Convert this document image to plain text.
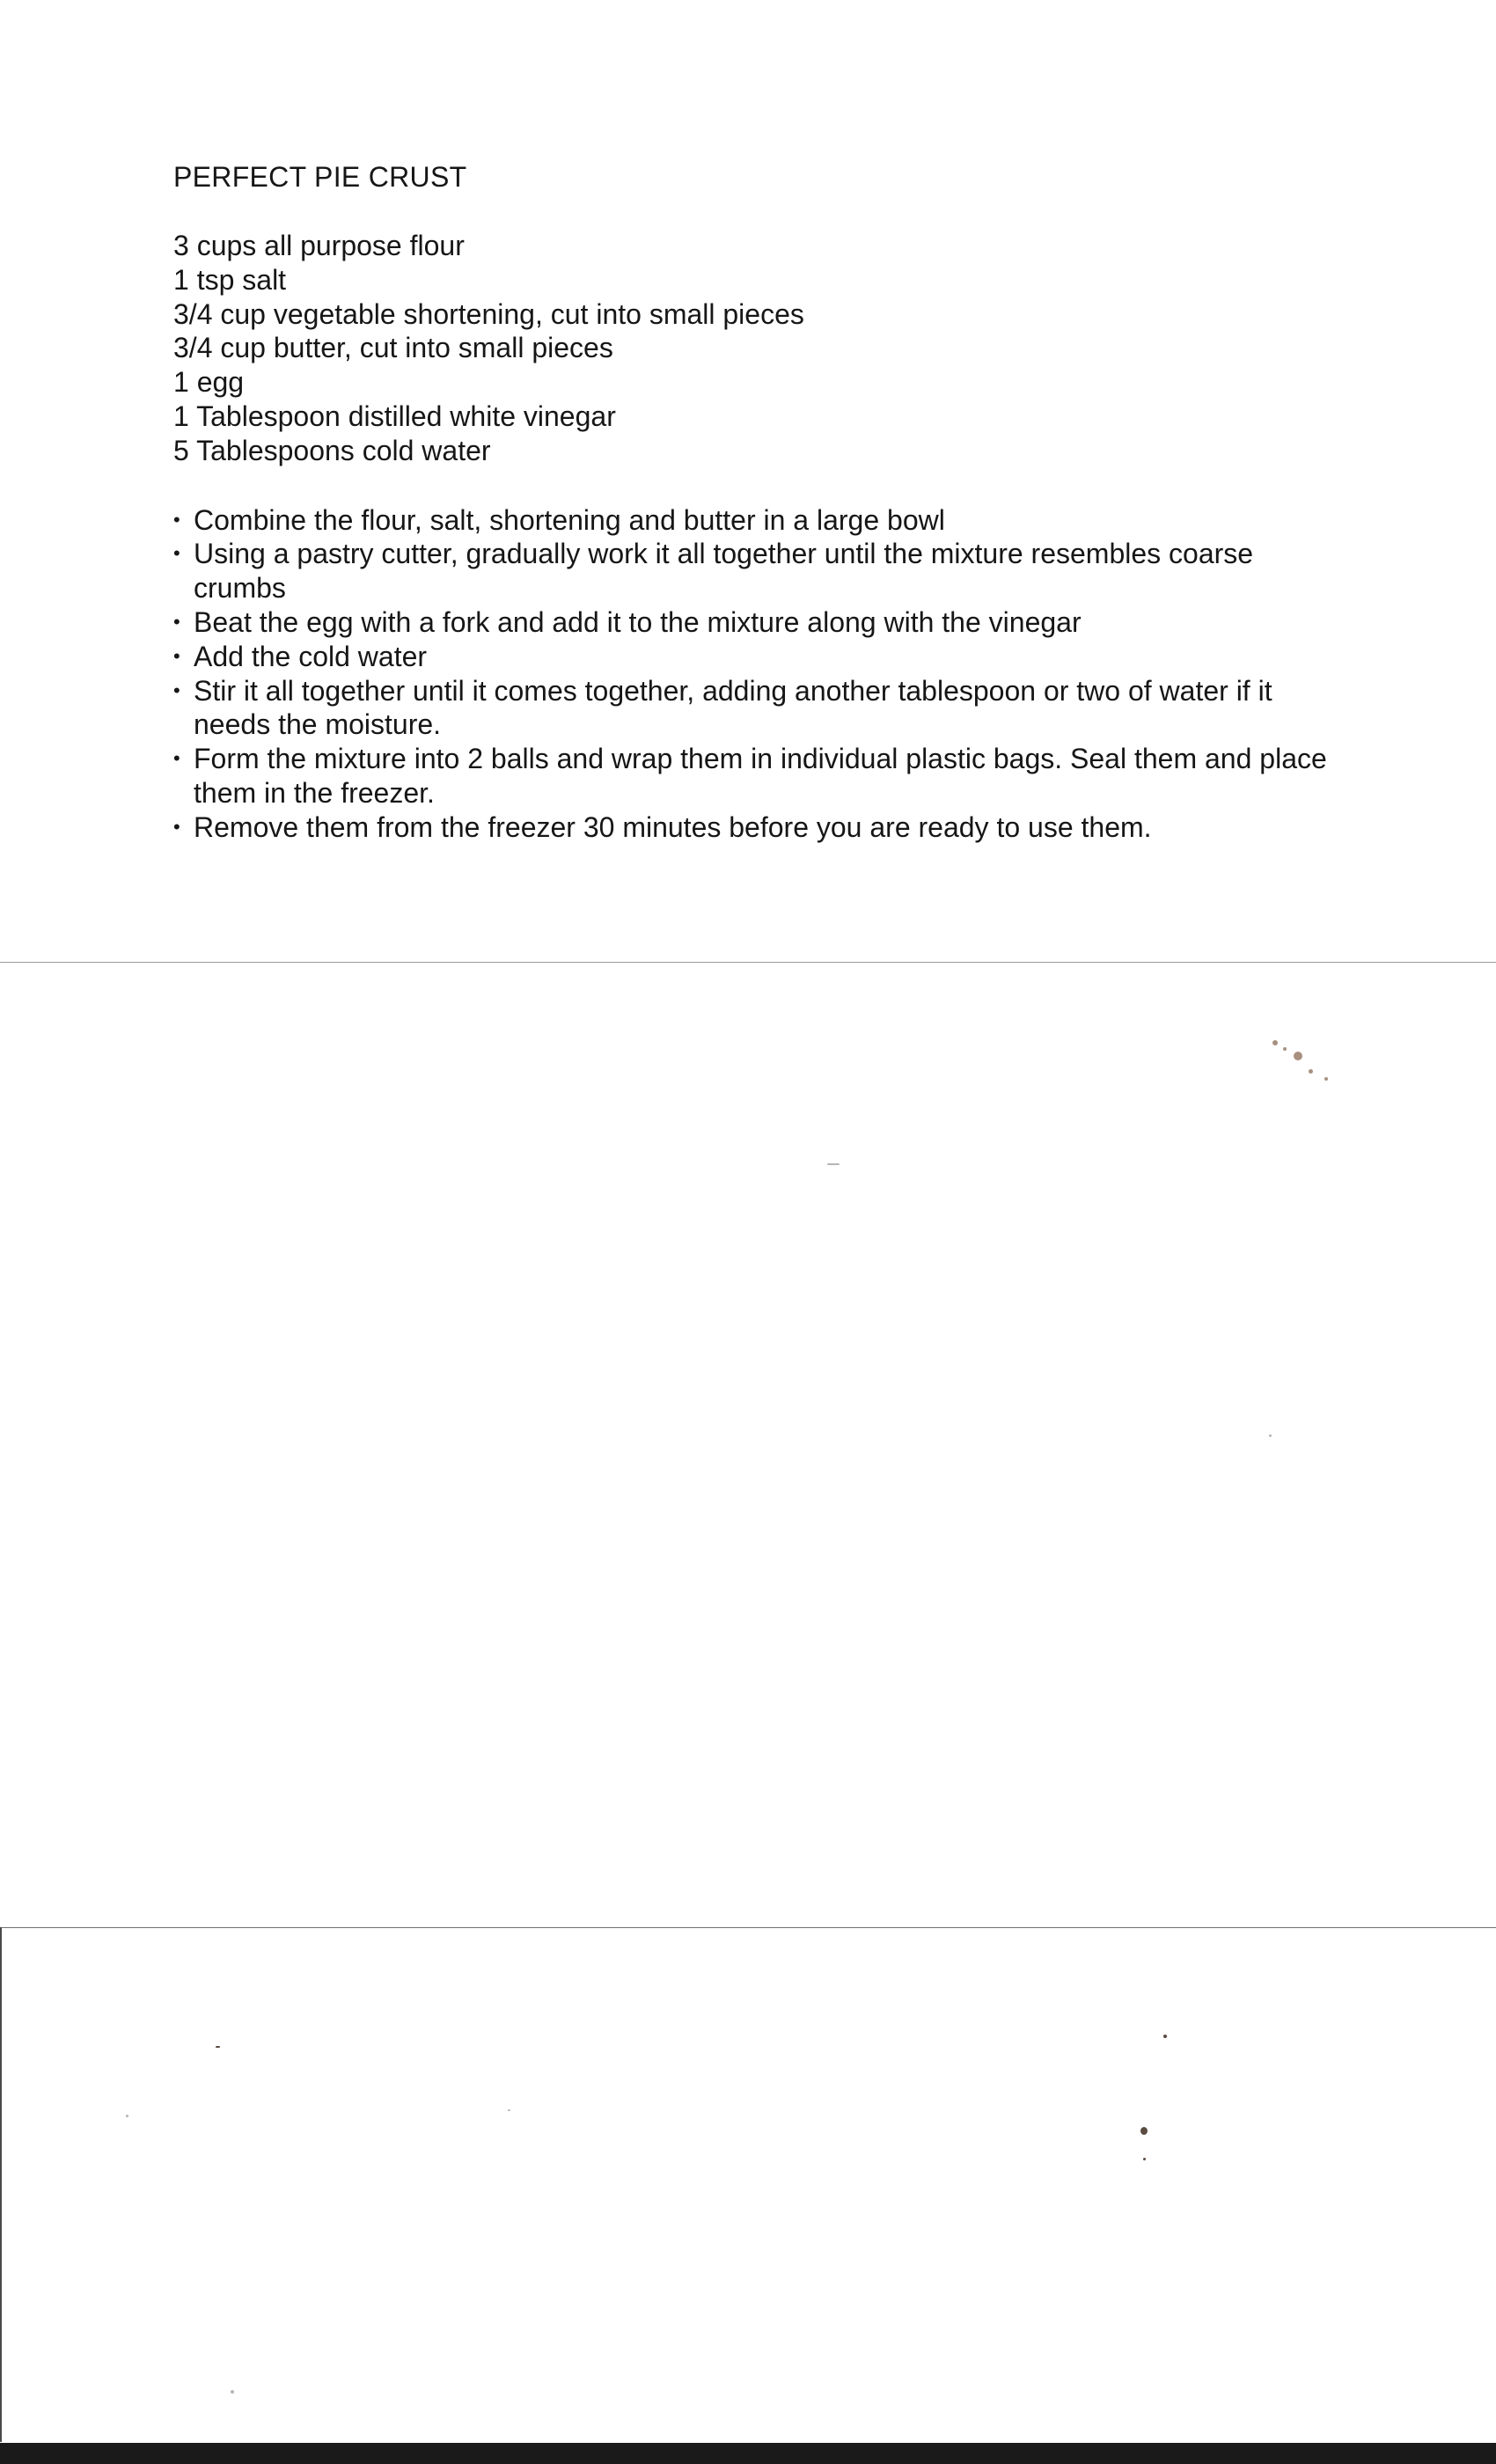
PERFECT PIE CRUST
3 cups all purpose flour
1 tsp salt
3/4 cup vegetable shortening, cut into small pieces
3/4 cup butter, cut into small pieces
1 egg
1 Tablespoon distilled white vinegar
5 Tablespoons cold water
• Combine the flour, salt, shortening and butter in a large bowl
• Using a pastry cutter, gradually work it all together until the mixture resembles coarse crumbs
• Beat the egg with a fork and add it to the mixture along with the vinegar
• Add the cold water
• Stir it all together until it comes together, adding another tablespoon or two of water if it needs the moisture.
• Form the mixture into 2 balls and wrap them in individual plastic bags. Seal them and place them in the freezer.
• Remove them from the freezer 30 minutes before you are ready to use them.
